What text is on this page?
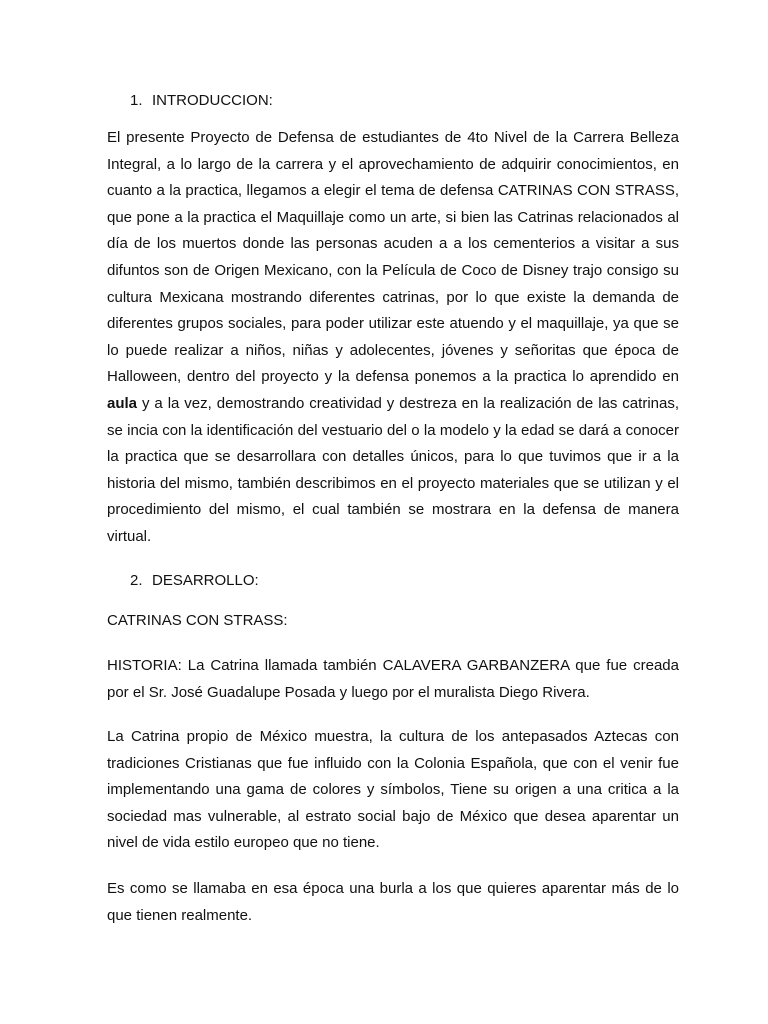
1. INTRODUCCION:

El presente Proyecto de Defensa de estudiantes de 4to Nivel de la Carrera Belleza Integral, a lo largo de la carrera y el aprovechamiento de adquirir conocimientos, en cuanto a la practica, llegamos a elegir el tema de defensa CATRINAS CON STRASS, que pone a la practica el Maquillaje como un arte, si bien las Catrinas relacionados al día de los muertos donde las personas acuden a a los cementerios a visitar a sus difuntos son de Origen Mexicano, con la Película de Coco de Disney trajo consigo su cultura Mexicana mostrando diferentes catrinas, por lo que existe la demanda de diferentes grupos sociales, para poder utilizar este atuendo y el maquillaje, ya que se lo puede realizar a niños, niñas y adolecentes, jóvenes y señoritas que época de Halloween, dentro del proyecto y la defensa ponemos a la practica lo aprendido en aula y a la vez, demostrando creatividad y destreza en la realización de las catrinas, se incia con la identificación del vestuario del o la modelo y la edad se dará a conocer la practica que se desarrollara con detalles únicos, para lo que tuvimos que ir a la historia del mismo, también describimos en el proyecto materiales que se utilizan y el procedimiento del mismo, el cual también se mostrara en la defensa de manera virtual.

2. DESARROLLO:

CATRINAS CON STRASS:

HISTORIA: La Catrina llamada también CALAVERA GARBANZERA que fue creada por el Sr. José Guadalupe Posada y luego por el muralista Diego Rivera.

La Catrina propio de México muestra, la cultura de los antepasados Aztecas con tradiciones Cristianas que fue influido con la Colonia Española, que con el venir fue implementando una gama de colores y símbolos, Tiene su origen a una critica a la sociedad mas vulnerable, al estrato social bajo de México que desea aparentar un nivel de vida estilo europeo que no tiene.

Es como se llamaba en esa época una burla a los que quieres aparentar más de lo que tienen realmente.
